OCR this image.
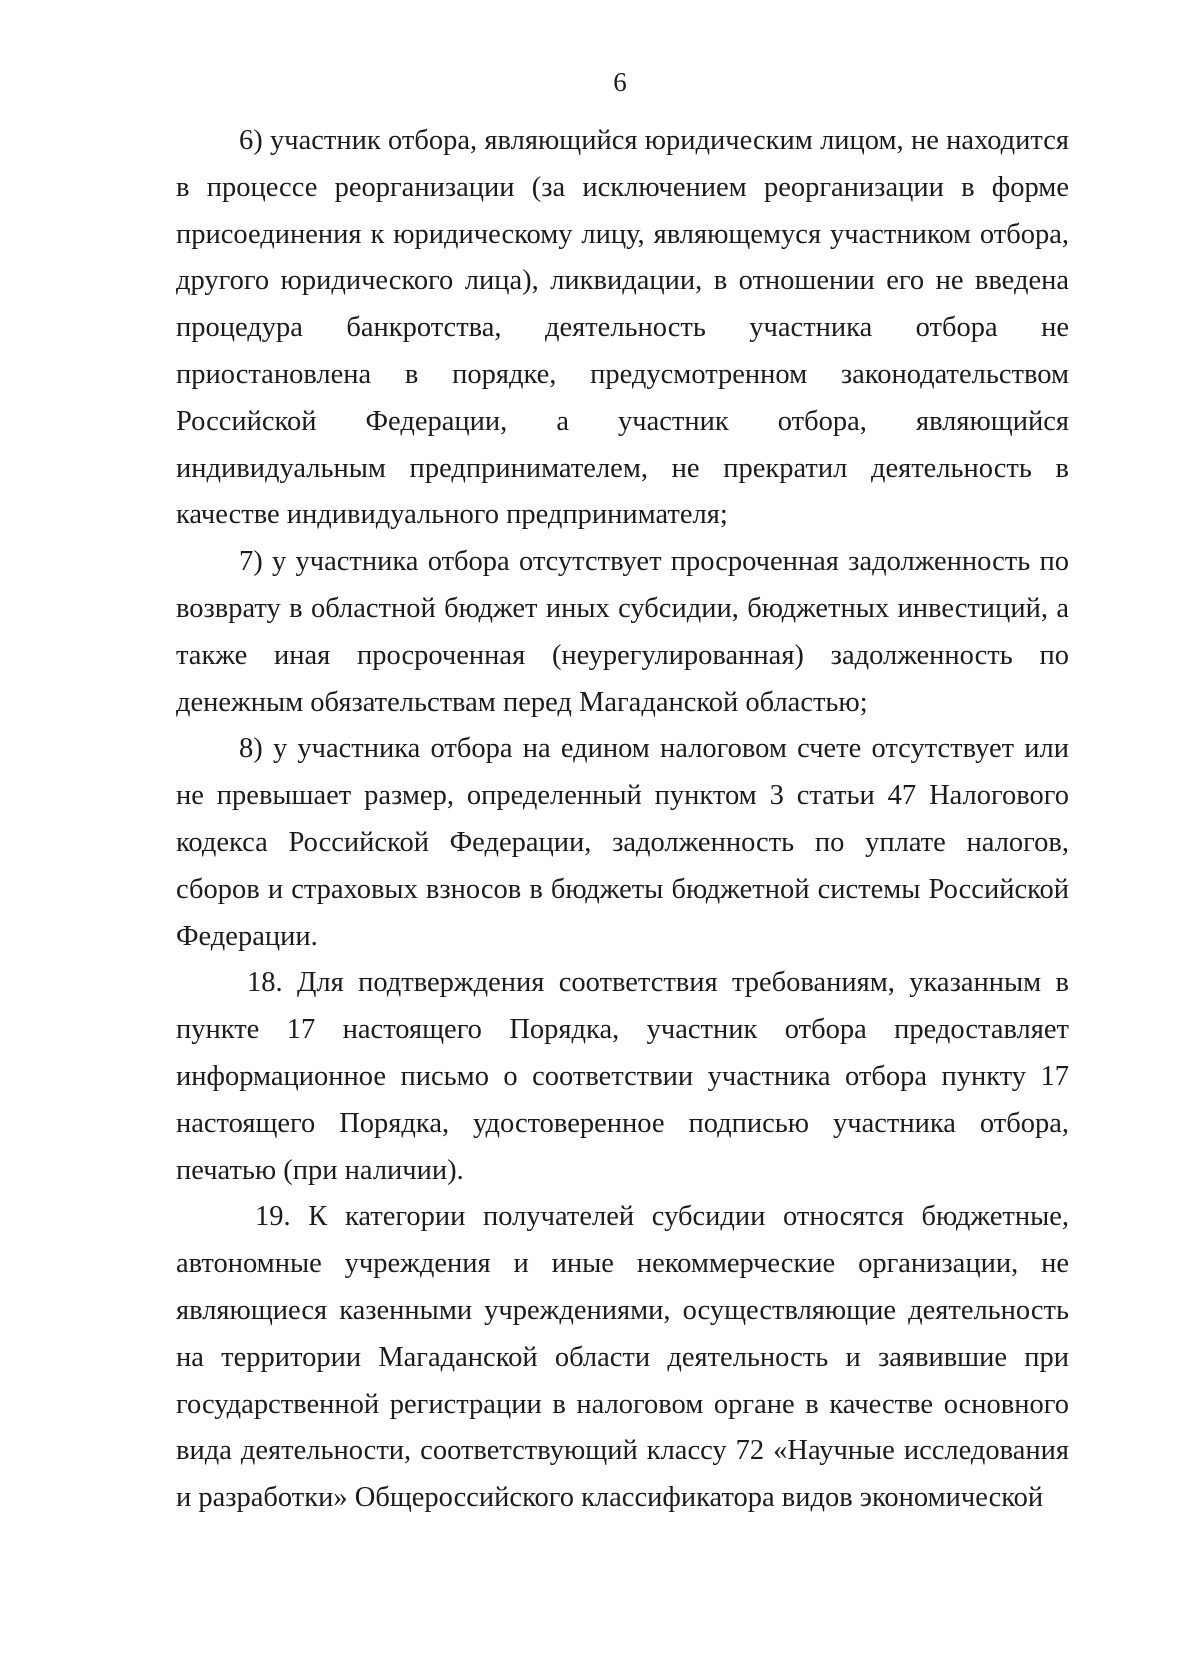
6

6) участник отбора, являющийся юридическим лицом, не находится в процессе реорганизации (за исключением реорганизации в форме присоединения к юридическому лицу, являющемуся участником отбора, другого юридического лица), ликвидации, в отношении его не введена процедура банкротства, деятельность участника отбора не приостановлена в порядке, предусмотренном законодательством Российской Федерации, а участник отбора, являющийся индивидуальным предпринимателем, не прекратил деятельность в качестве индивидуального предпринимателя;

7) у участника отбора отсутствует просроченная задолженность по возврату в областной бюджет иных субсидии, бюджетных инвестиций, а также иная просроченная (неурегулированная) задолженность по денежным обязательствам перед Магаданской областью;

8) у участника отбора на едином налоговом счете отсутствует или не превышает размер, определенный пунктом 3 статьи 47 Налогового кодекса Российской Федерации, задолженность по уплате налогов, сборов и страховых взносов в бюджеты бюджетной системы Российской Федерации.

18. Для подтверждения соответствия требованиям, указанным в пункте 17 настоящего Порядка, участник отбора предоставляет информационное письмо о соответствии участника отбора пункту 17 настоящего Порядка, удостоверенное подписью участника отбора, печатью (при наличии).

19. К категории получателей субсидии относятся бюджетные, автономные учреждения и иные некоммерческие организации, не являющиеся казенными учреждениями, осуществляющие деятельность на территории Магаданской области деятельность и заявившие при государственной регистрации в налоговом органе в качестве основного вида деятельности, соответствующий классу 72 «Научные исследования и разработки» Общероссийского классификатора видов экономической
